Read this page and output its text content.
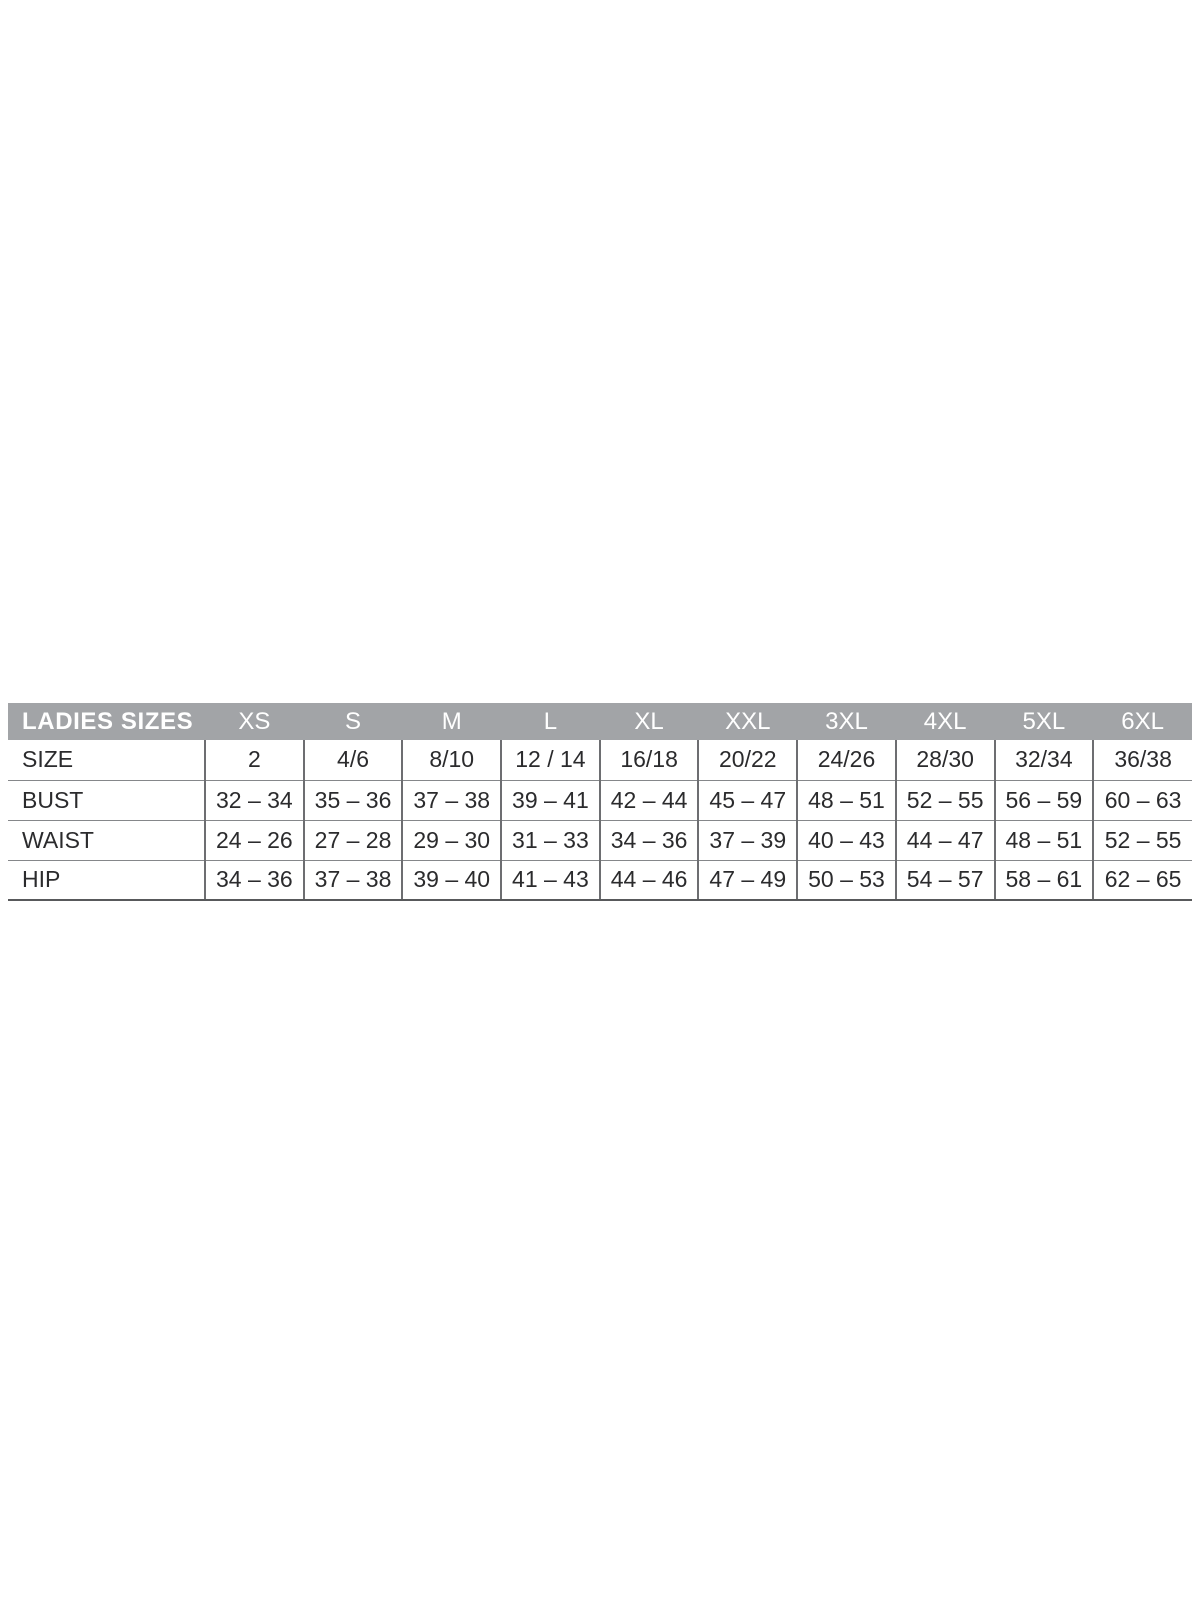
LADIES SIZES	XS	S	M	L	XL	XXL	3XL	4XL	5XL	6XL
SIZE	2	4/6	8/10	12 / 14	16/18	20/22	24/26	28/30	32/34	36/38
BUST	32 – 34	35 – 36	37 – 38	39 – 41	42 – 44	45 – 47	48 – 51	52 – 55	56 – 59	60 – 63
WAIST	24 – 26	27 – 28	29 – 30	31 – 33	34 – 36	37 – 39	40 – 43	44 – 47	48 – 51	52 – 55
HIP	34 – 36	37 – 38	39 – 40	41 – 43	44 – 46	47 – 49	50 – 53	54 – 57	58 – 61	62 – 65
